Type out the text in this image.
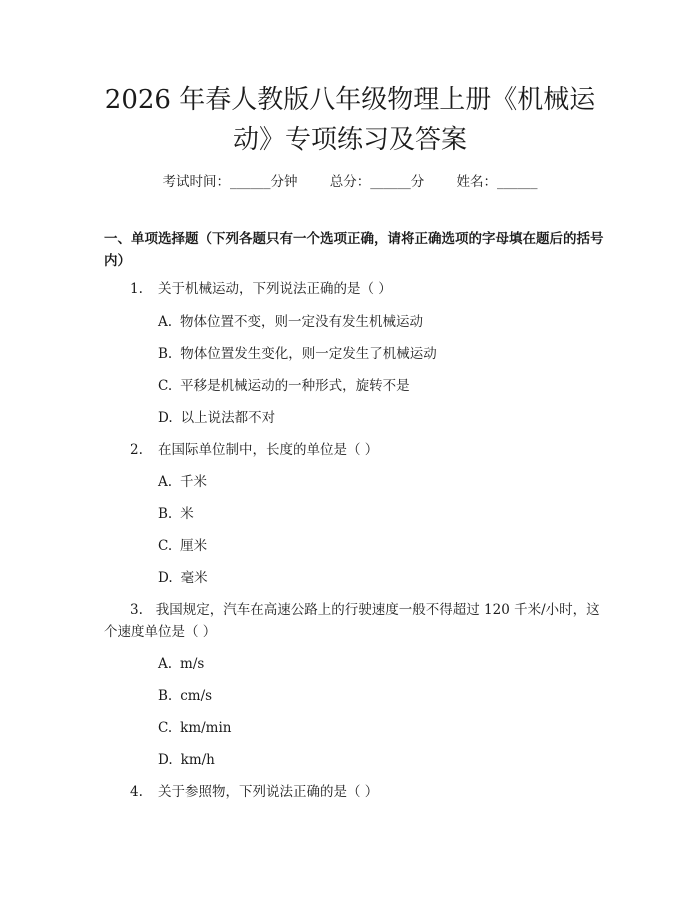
2026 年春人教版八年级物理上册《机械运动》专项练习及答案
考试时间：______分钟 总分：______分 姓名：______
一、单项选择题（下列各题只有一个选项正确，请将正确选项的字母填在题后的括号内）
1. 关于机械运动，下列说法正确的是（ ）
A. 物体位置不变，则一定没有发生机械运动
B. 物体位置发生变化，则一定发生了机械运动
C. 平移是机械运动的一种形式，旋转不是
D. 以上说法都不对
2. 在国际单位制中，长度的单位是（ ）
A. 千米
B. 米
C. 厘米
D. 毫米
3. 我国规定，汽车在高速公路上的行驶速度一般不得超过 120 千米/小时，这个速度单位是（ ）
A. m/s
B. cm/s
C. km/min
D. km/h
4. 关于参照物，下列说法正确的是（ ）
